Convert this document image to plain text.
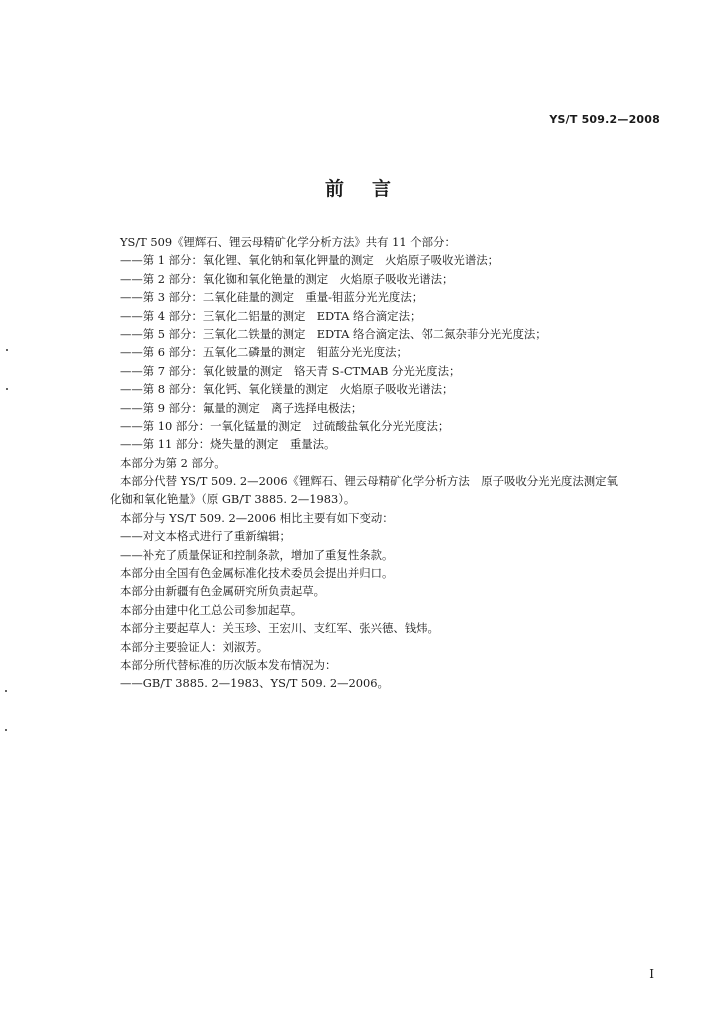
YS/T 509.2—2008
前言
YS/T 509《锂辉石、锂云母精矿化学分析方法》共有 11 个部分：
——第 1 部分：氧化锂、氧化钠和氧化钾量的测定　火焰原子吸收光谱法；
——第 2 部分：氧化铷和氧化铯量的测定　火焰原子吸收光谱法；
——第 3 部分：二氧化硅量的测定　重量-钼蓝分光光度法；
——第 4 部分：三氧化二铝量的测定　EDTA 络合滴定法；
——第 5 部分：三氧化二铁量的测定　EDTA 络合滴定法、邻二氮杂菲分光光度法；
——第 6 部分：五氧化二磷量的测定　钼蓝分光光度法；
——第 7 部分：氧化铍量的测定　铬天青 S-CTMAB 分光光度法；
——第 8 部分：氧化钙、氧化镁量的测定　火焰原子吸收光谱法；
——第 9 部分：氟量的测定　离子选择电极法；
——第 10 部分：一氧化锰量的测定　过硫酸盐氧化分光光度法；
——第 11 部分：烧失量的测定　重量法。
本部分为第 2 部分。
本部分代替 YS/T 509. 2—2006《锂辉石、锂云母精矿化学分析方法　原子吸收分光光度法测定氧
化铷和氧化铯量》（原 GB/T 3885. 2—1983）。
本部分与 YS/T 509. 2—2006 相比主要有如下变动：
——对文本格式进行了重新编辑；
——补充了质量保证和控制条款，增加了重复性条款。
本部分由全国有色金属标准化技术委员会提出并归口。
本部分由新疆有色金属研究所负责起草。
本部分由建中化工总公司参加起草。
本部分主要起草人：关玉珍、王宏川、支红军、张兴德、钱炜。
本部分主要验证人：刘淑芳。
本部分所代替标准的历次版本发布情况为：
——GB/T 3885. 2—1983、YS/T 509. 2—2006。
I
